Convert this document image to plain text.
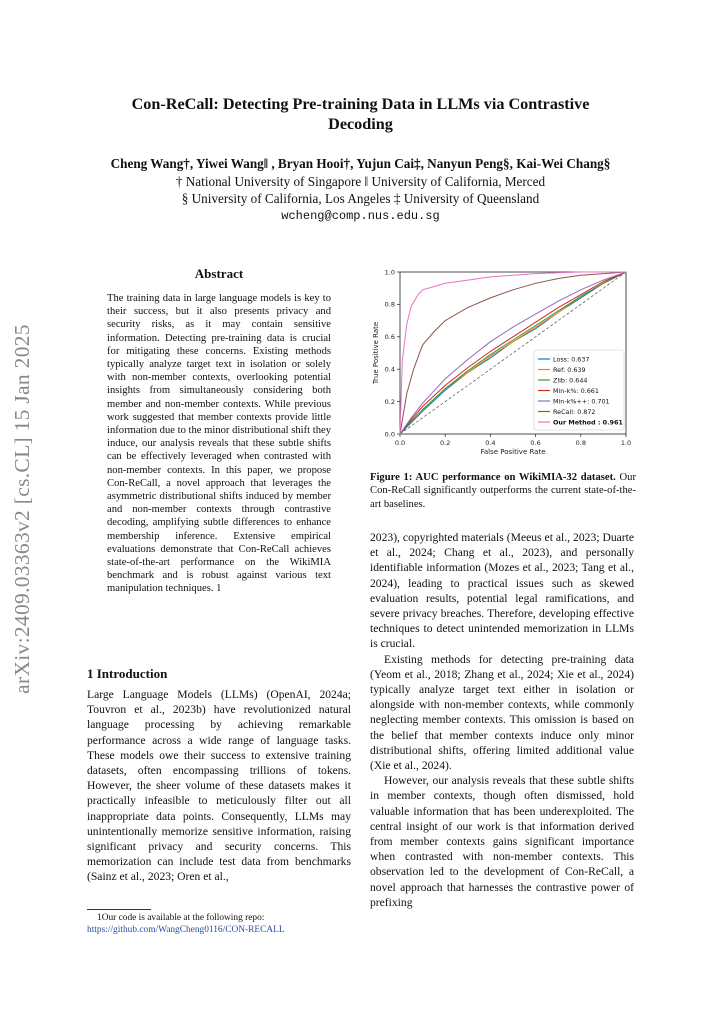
arXiv:2409.03363v2 [cs.CL] 15 Jan 2025
Con-ReCall: Detecting Pre-training Data in LLMs via Contrastive
Decoding
Cheng Wang†, Yiwei Wang‖ , Bryan Hooi†, Yujun Cai‡, Nanyun Peng§, Kai-Wei Chang§
† National University of Singapore ‖ University of California, Merced
§ University of California, Los Angeles ‡ University of Queensland
wcheng@comp.nus.edu.sg
Abstract
The training data in large language models is key to their success, but it also presents privacy and security risks, as it may contain sensitive information. Detecting pre-training data is crucial for mitigating these concerns. Existing methods typically analyze target text in isolation or solely with non-member contexts, overlooking potential insights from simultaneously considering both member and non-member contexts. While previous work suggested that member contexts provide little information due to the minor distributional shift they induce, our analysis reveals that these subtle shifts can be effectively leveraged when contrasted with non-member contexts. In this paper, we propose Con-ReCall, a novel approach that leverages the asymmetric distributional shifts induced by member and non-member contexts through contrastive decoding, amplifying subtle differences to enhance membership inference. Extensive empirical evaluations demonstrate that Con-ReCall achieves state-of-the-art performance on the WikiMIA benchmark and is robust against various text manipulation techniques. 1
1 Introduction
Large Language Models (LLMs) (OpenAI, 2024a; Touvron et al., 2023b) have revolutionized natural language processing by achieving remarkable performance across a wide range of language tasks. These models owe their success to extensive training datasets, often encompassing trillions of tokens. However, the sheer volume of these datasets makes it practically infeasible to meticulously filter out all inappropriate data points. Consequently, LLMs may unintentionally memorize sensitive information, raising significant privacy and security concerns. This memorization can include test data from benchmarks (Sainz et al., 2023; Oren et al.,
1Our code is available at the following repo:
https://github.com/WangCheng0116/CON-RECALL
0.0	0.2	0.4	0.6	0.8	1.0
0.0
0.2
0.4
0.6
0.8
1.0
False Positive Rate
True Positive Rate	Loss: 0.637
Ref: 0.639
Zlib: 0.644
Min-k%: 0.661
Min-k%++: 0.701
ReCall: 0.872
Our Method : 0.961
Figure 1: AUC performance on WikiMIA-32 dataset. Our Con-ReCall significantly outperforms the current state-of-the-art baselines.

2023), copyrighted materials (Meeus et al., 2023; Duarte et al., 2024; Chang et al., 2023), and personally identifiable information (Mozes et al., 2023; Tang et al., 2024), leading to practical issues such as skewed evaluation results, potential legal ramifications, and severe privacy breaches. Therefore, developing effective techniques to detect unintended memorization in LLMs is crucial.

Existing methods for detecting pre-training data (Yeom et al., 2018; Zhang et al., 2024; Xie et al., 2024) typically analyze target text either in isolation or alongside with non-member contexts, while commonly neglecting member contexts. This omission is based on the belief that member contexts induce only minor distributional shifts, offering limited additional value (Xie et al., 2024).

However, our analysis reveals that these subtle shifts in member contexts, though often dismissed, hold valuable information that has been underexploited. The central insight of our work is that information derived from member contexts gains significant importance when contrasted with non-member contexts. This observation led to the development of Con-ReCall, a novel approach that harnesses the contrastive power of prefixing
